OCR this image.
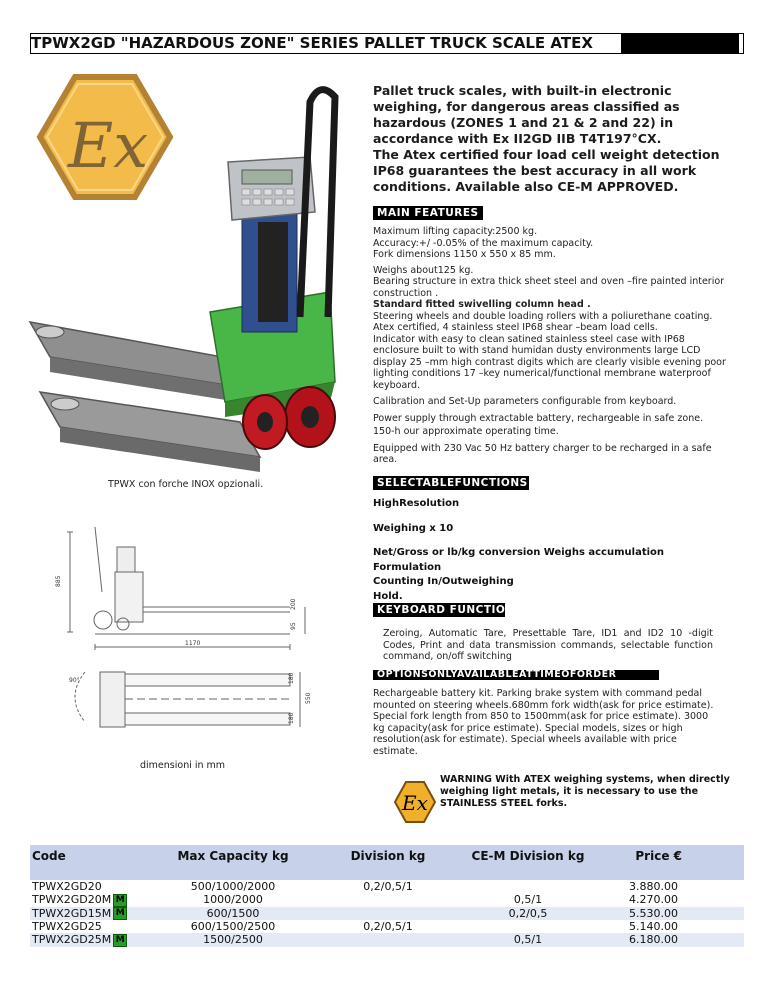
TPWX2GD "HAZARDOUS ZONE" SERIES PALLET TRUCK SCALE ATEX
Ex
TPWX con forche INOX opzionali.

Pallet truck scales, with built-in electronic weighing, for dangerous areas classified as hazardous (ZONES 1 and 21 & 2 and 22) in accordance with Ex II2GD IIB T4T197°CX.

The Atex certified four load cell weight detection IP68 guarantees the best accuracy in all work conditions. Available also CE-M APPROVED.

MAIN FEATURES

Maximum lifting capacity:2500 kg.

Accuracy:+/ -0.05% of the maximum capacity.

Fork dimensions 1150 x 550 x 85 mm.

Weighs about125 kg.

Bearing structure in extra thick sheet steel and oven –fire painted interior construction .

Standard fitted swivelling column head .

Steering wheels and double loading rollers with a poliurethane coating.

Atex certified, 4 stainless steel IP68 shear –beam load cells.

Indicator with easy to clean satined stainless steel case with IP68 enclosure built to with stand humidan dusty environments large LCD display 25 –mm high contrast digits which are clearly visible evening poor lighting conditions 17 –key numerical/functional membrane waterproof keyboard.

Calibration and Set-Up parameters configurable from keyboard.

Power supply through extractable battery, rechargeable in safe zone.

150-h our approximate operating time.

Equipped with 230 Vac 50 Hz battery charger to be recharged in a safe area.

SELECTABLEFUNCTIONS
HighResolution
Weighing x 10
Net/Gross or lb/kg conversion Weighs accumulation
Formulation
Counting In/Outweighing
Hold.
KEYBOARD FUNCTIO
Zeroing, Automatic Tare, Presettable Tare, ID1 and ID2 10 -digit Codes, Print and data transmission commands, selectable function command, on/off switching
OPTIONSONLYAVAILABLEATTIMEOFORDER
Rechargeable battery kit. Parking brake system with command pedal mounted on steering wheels.680mm fork width(ask for price estimate). Special fork length from 850 to 1500mm(ask for price estimate). 3000 kg capacity(ask for price estimate). Special models, sizes or high resolution(ask for estimate). Special wheels available with price estimate.
885
200
95
1170
90°	180
550
180
dimensioni in mm
Ex
WARNING With ATEX weighing systems, when directly weighing light metals, it is necessary to use the STAINLESS STEEL forks.
Code	Max Capacity kg	Division kg	CE-M Division kg	Price €
TPWX2GD20	500/1000/2000	0,2/0,5/1		3.880.00
TPWX2GD20M M	1000/2000		0,5/1	4.270.00
TPWX2GD15M M	600/1500		0,2/0,5	5.530.00
TPWX2GD25	600/1500/2500	0,2/0,5/1		5.140.00
TPWX2GD25M M	1500/2500		0,5/1	6.180.00
